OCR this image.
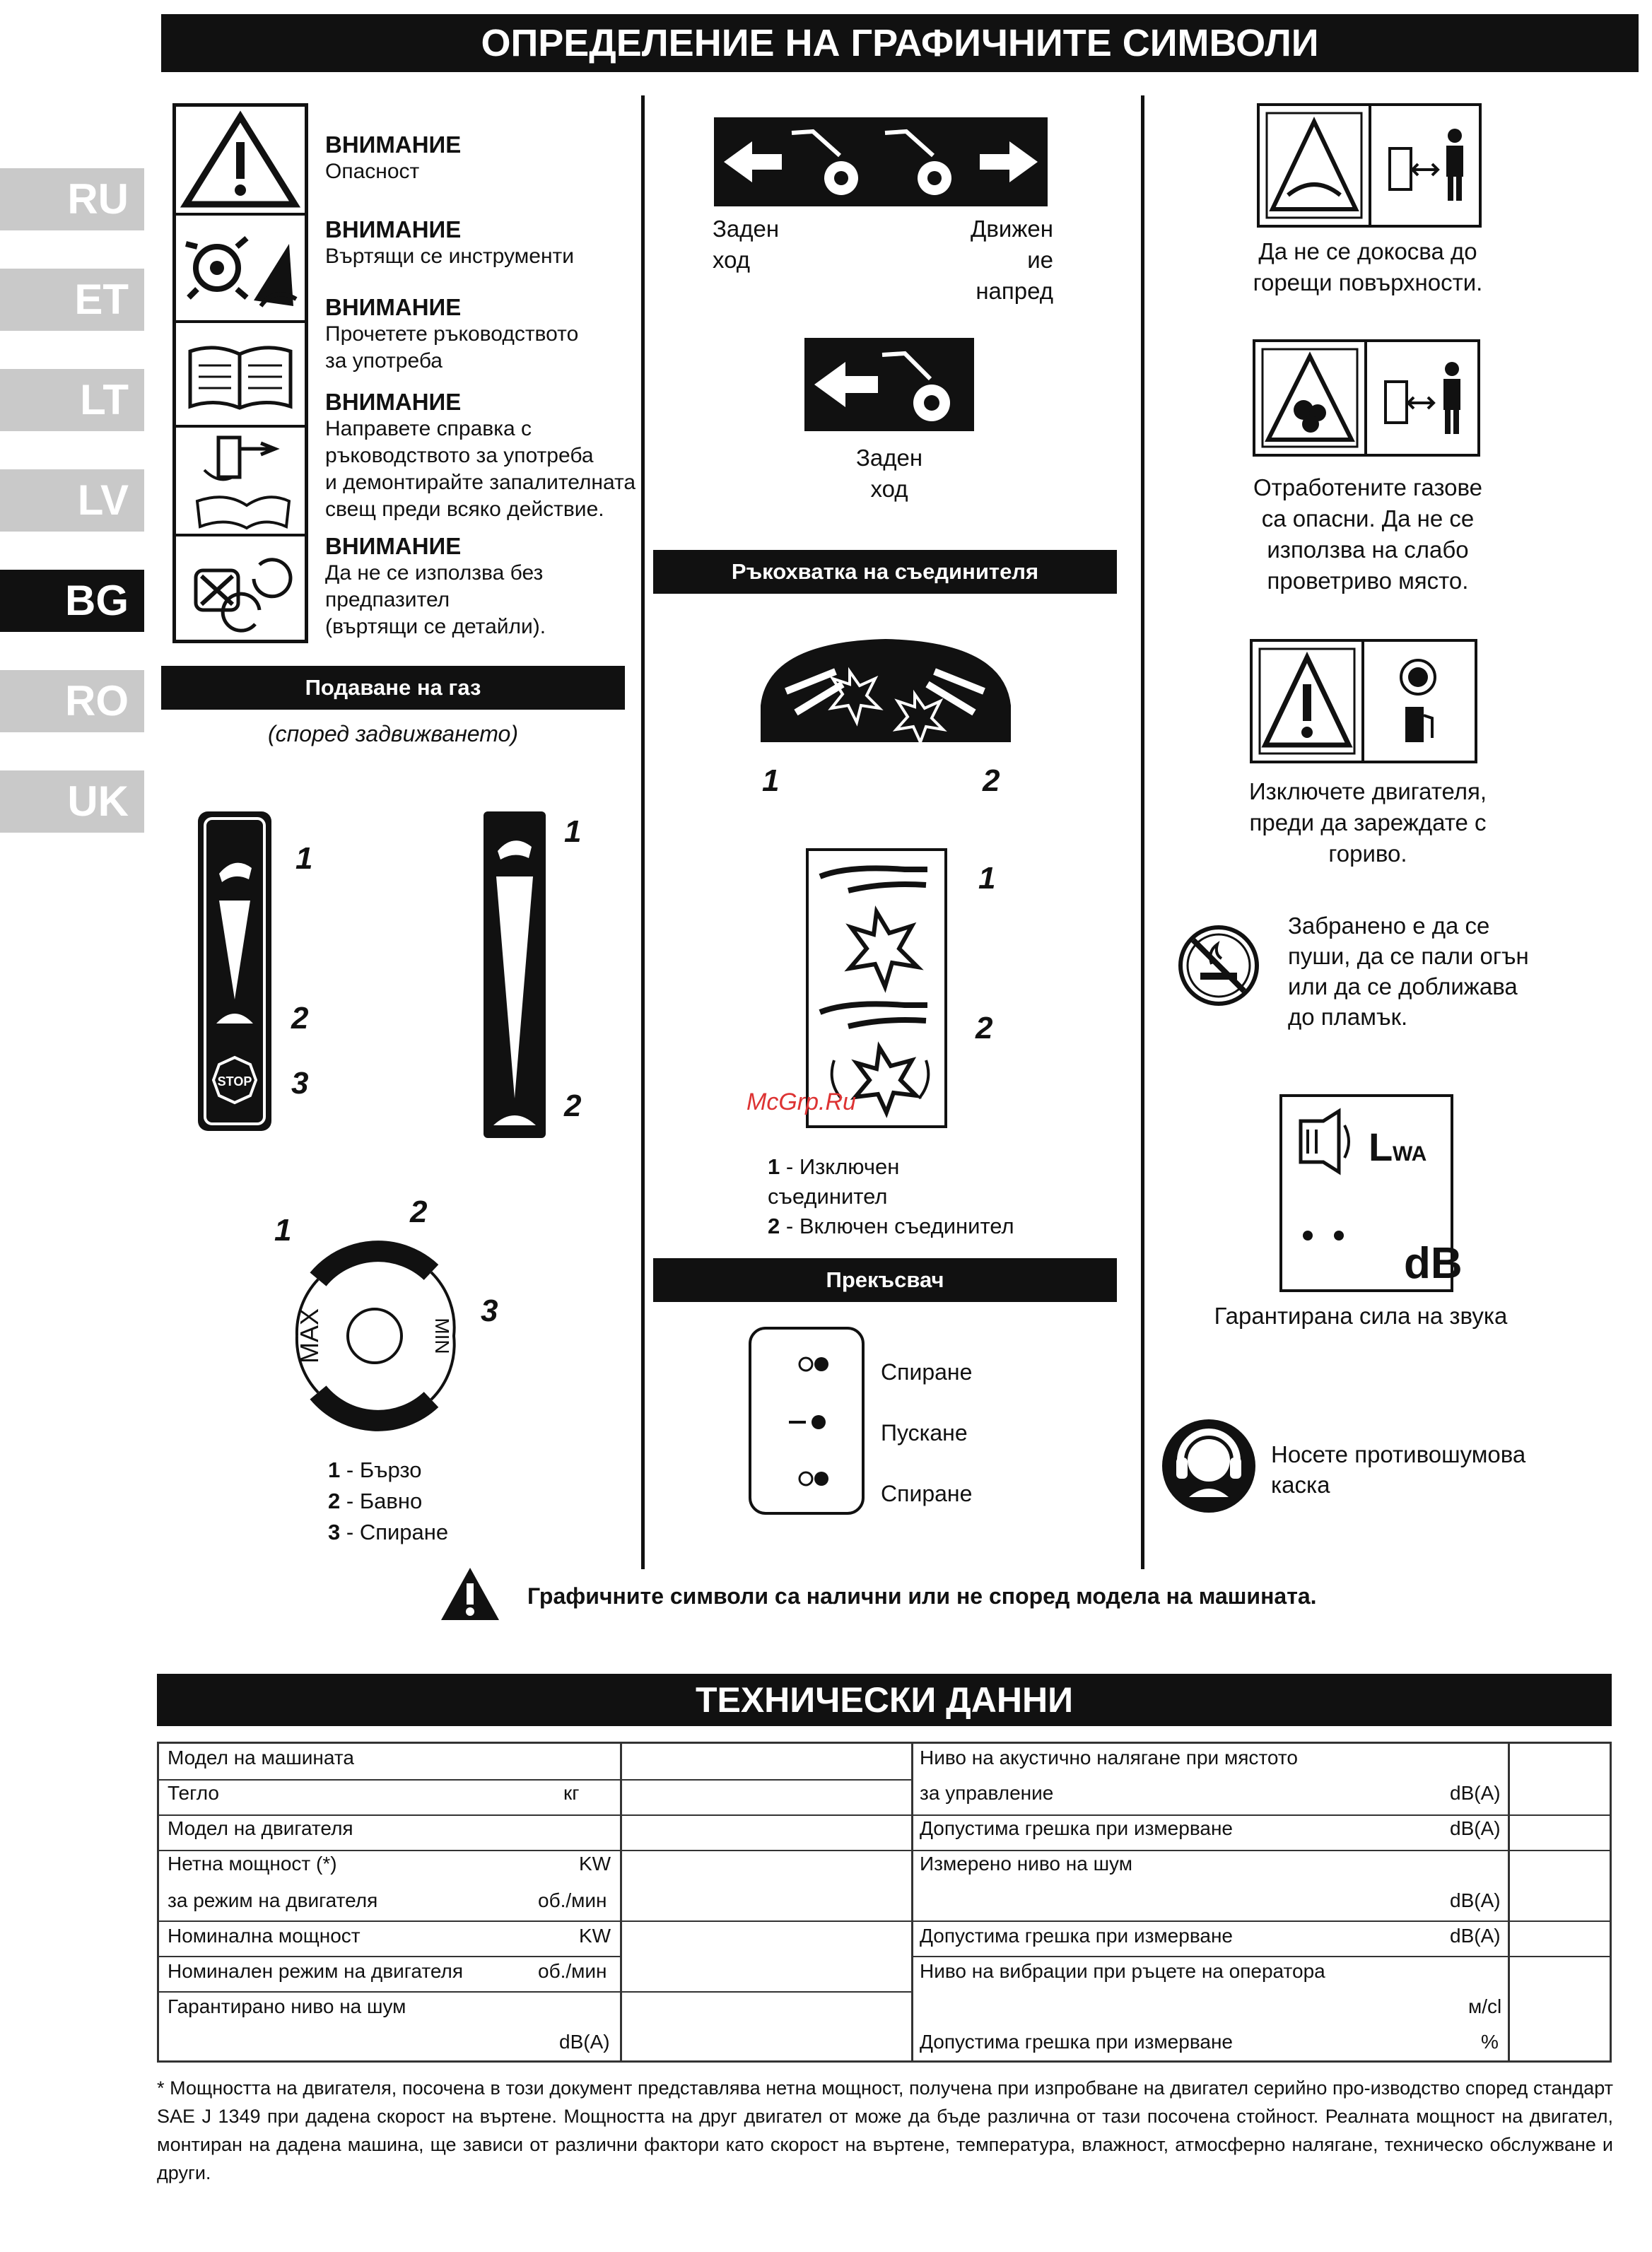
ОПРЕДЕЛЕНИЕ НА ГРАФИЧНИТЕ СИМВОЛИ
RU
ET
LT
LV
BG
RO
UK
ВНИМАНИЕ
Опасност
ВНИМАНИЕ
Въртящи се инструменти
ВНИМАНИЕ
Прочетете ръководството
за употреба
ВНИМАНИЕ
Направете справка с
ръководството за употреба
и демонтирайте запалителната
свещ преди всяко действие.
ВНИМАНИЕ
Да не се използва без
предпазител
(въртящи се детайли).
Подаване на газ
(според задвижването)
STOP
1
2
3
1
2
1
2
3
MAX	MIN
1 - Бързо
2 - Бавно
3 - Спиране
Заден
ход
Движен
ие
напред
Заден
ход
Ръкохватка на съединителя
1	2
1
2
McGrp.Ru
1 - Изключен
съединител
2 - Включен съединител
Прекъсвач
Спиране
Пускане
Спиране
Да не се докосва до
горещи повърхности.
Отработените газове
са опасни. Да не се
използва на слабо
проветриво място.
Изключете двигателя,
преди да зареждате с
гориво.
Забранено е да се
пуши, да се пали огън
или да се доближава
до пламък.
L WA
dB
Гарантирана сила на звука
Носете противошумова
каска
Графичните символи са налични или не според модела на машината.
ТЕХНИЧЕСКИ ДАННИ
Модел на машината
Тегло	кг
Модел на двигателя
Нетна мощност (*)	KW
за режим на двигателя	об./мин
Номинална мощност	KW
Номинален режим на двигателя	об./мин
Гарантирано ниво на шум
dB(A)
Ниво на акустично налягане при мястото
за управление	dB(A)
Допустима грешка при измерване	dB(A)
Измерено ниво на шум
dB(A)
Допустима грешка при измерване	dB(A)
Ниво на вибрации при ръцете на оператора
м/сl
Допустима грешка при измерване	%
* Мощността на двигателя, посочена в този документ представлява нетна мощност, получена при изпробване на двигател серийно про-изводство според стандарт SAE J 1349 при дадена скорост на въртене. Мощността на друг двигател от може да бъде различна от тази посочена стойност. Реалната мощност на двигател, монтиран на дадена машина, ще зависи от различни фактори като скорост на въртене, температура, влажност, атмосферно налягане, техническо обслужване и други.
